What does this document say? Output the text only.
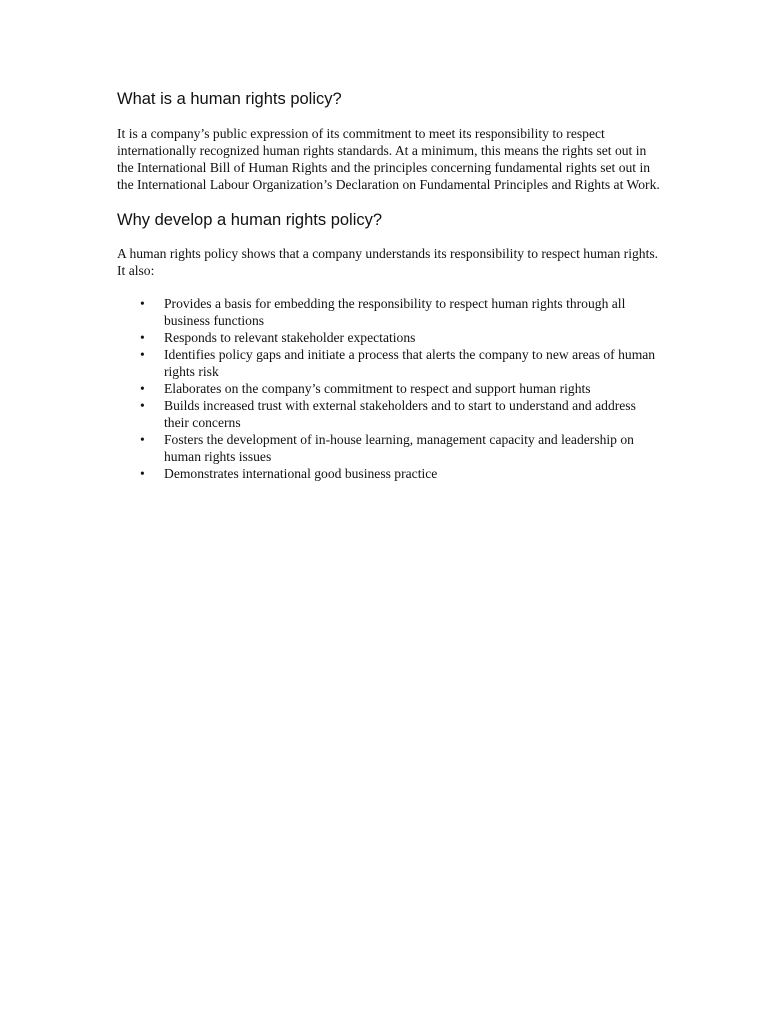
What is a human rights policy?

It is a company’s public expression of its commitment to meet its responsibility to respect internationally recognized human rights standards. At a minimum, this means the rights set out in the International Bill of Human Rights and the principles concerning fundamental rights set out in the International Labour Organization’s Declaration on Fundamental Principles and Rights at Work.

Why develop a human rights policy?

A human rights policy shows that a company understands its responsibility to respect human rights. It also:

• Provides a basis for embedding the responsibility to respect human rights through all business functions
• Responds to relevant stakeholder expectations
• Identifies policy gaps and initiate a process that alerts the company to new areas of human rights risk
• Elaborates on the company’s commitment to respect and support human rights
• Builds increased trust with external stakeholders and to start to understand and address their concerns
• Fosters the development of in-house learning, management capacity and leadership on human rights issues
• Demonstrates international good business practice
